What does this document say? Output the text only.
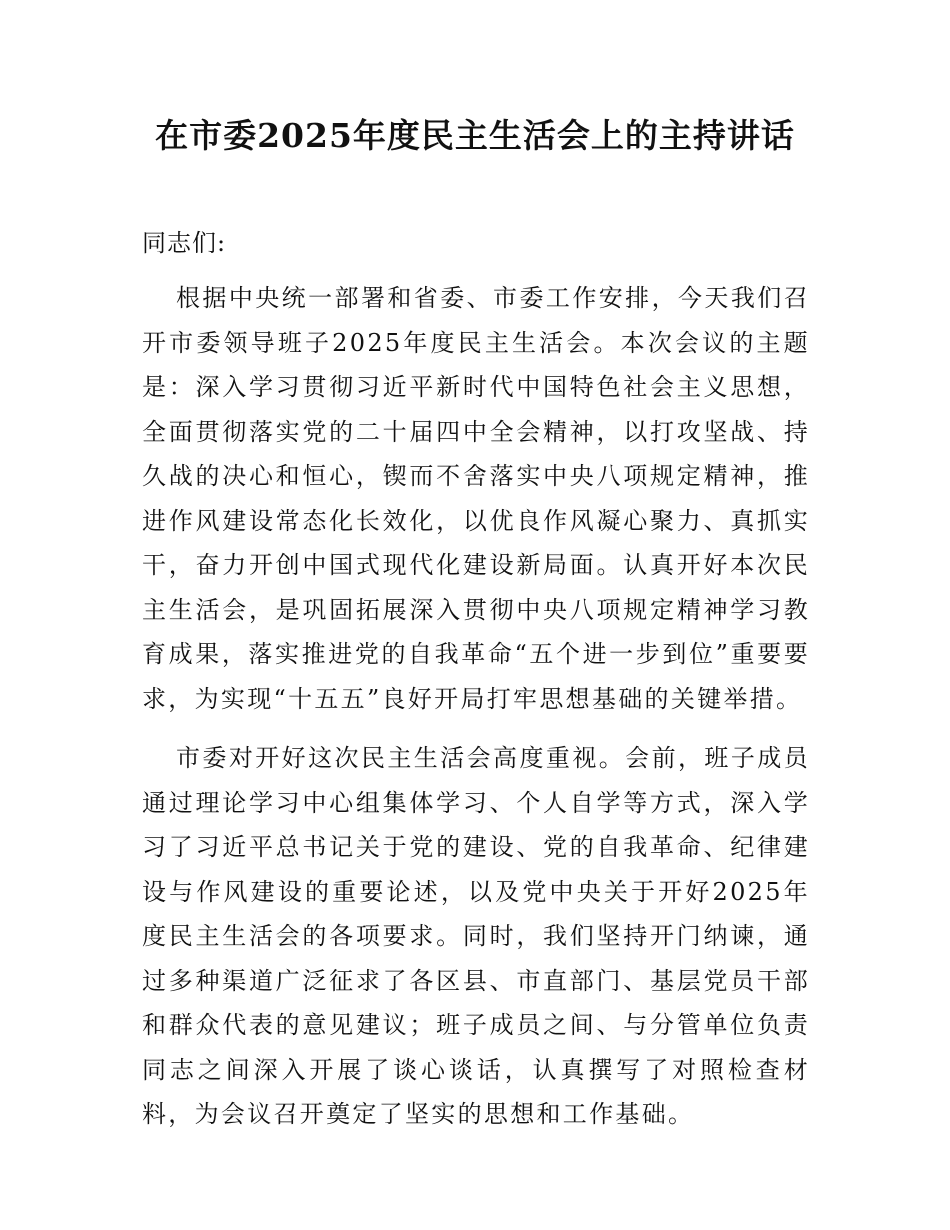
在市委2025年度民主生活会上的主持讲话

同志们:

根据中央统一部署和省委、市委工作安排，今天我们召开市委领导班子2025年度民主生活会。本次会议的主题是：深入学习贯彻习近平新时代中国特色社会主义思想，全面贯彻落实党的二十届四中全会精神，以打攻坚战、持久战的决心和恒心，锲而不舍落实中央八项规定精神，推进作风建设常态化长效化，以优良作风凝心聚力、真抓实干，奋力开创中国式现代化建设新局面。认真开好本次民主生活会，是巩固拓展深入贯彻中央八项规定精神学习教育成果，落实推进党的自我革命“五个进一步到位”重要要求，为实现“十五五”良好开局打牢思想基础的关键举措。

市委对开好这次民主生活会高度重视。会前，班子成员通过理论学习中心组集体学习、个人自学等方式，深入学习了习近平总书记关于党的建设、党的自我革命、纪律建设与作风建设的重要论述，以及党中央关于开好2025年度民主生活会的各项要求。同时，我们坚持开门纳谏，通过多种渠道广泛征求了各区县、市直部门、基层党员干部和群众代表的意见建议；班子成员之间、与分管单位负责同志之间深入开展了谈心谈话，认真撰写了对照检查材料，为会议召开奠定了坚实的思想和工作基础。
